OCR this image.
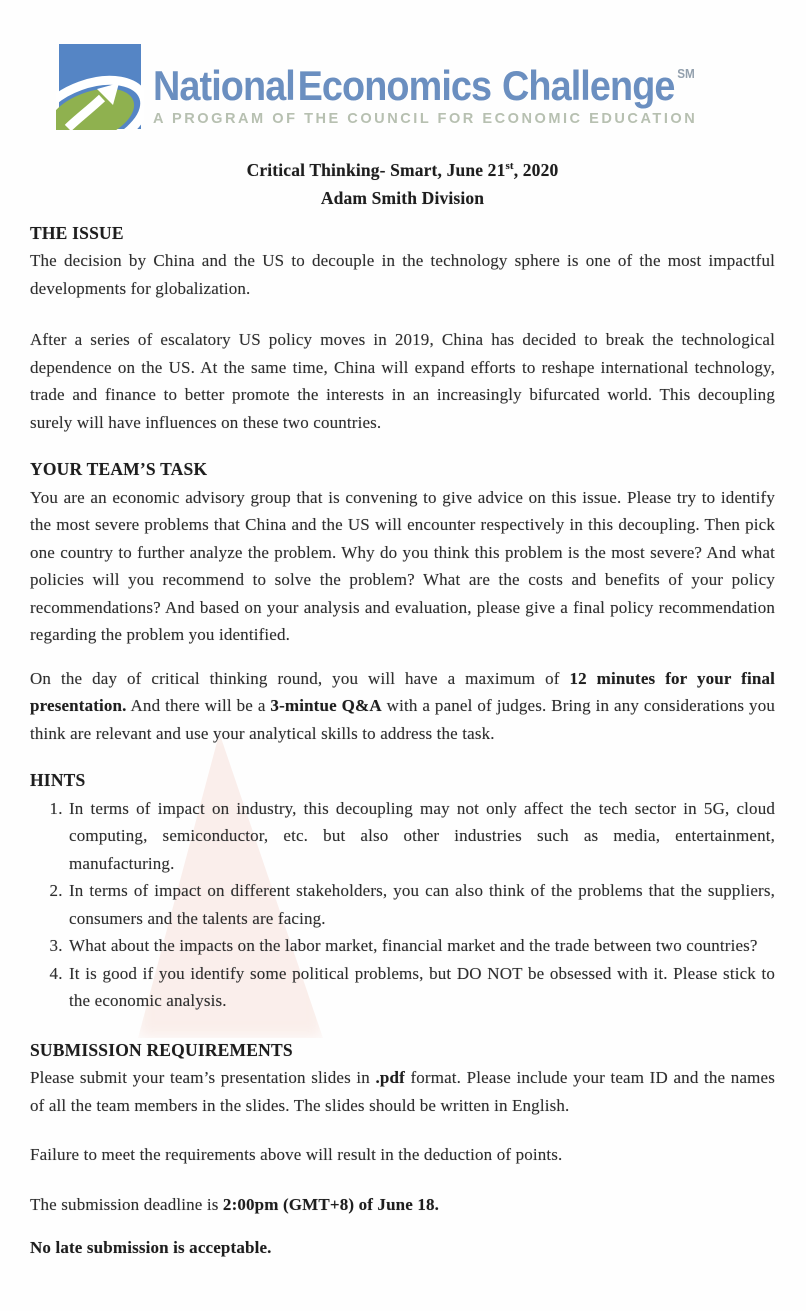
NationalEconomics Challenge ℠
A PROGRAM OF THE COUNCIL FOR ECONOMIC EDUCATION
Critical Thinking- Smart, June 21st, 2020
Adam Smith Division
THE ISSUE

The decision by China and the US to decouple in the technology sphere is one of the most impactful developments for globalization.

After a series of escalatory US policy moves in 2019, China has decided to break the technological dependence on the US. At the same time, China will expand efforts to reshape international technology, trade and finance to better promote the interests in an increasingly bifurcated world. This decoupling surely will have influences on these two countries.

YOUR TEAM’S TASK

You are an economic advisory group that is convening to give advice on this issue. Please try to identify the most severe problems that China and the US will encounter respectively in this decoupling. Then pick one country to further analyze the problem. Why do you think this problem is the most severe? And what policies will you recommend to solve the problem? What are the costs and benefits of your policy recommendations? And based on your analysis and evaluation, please give a final policy recommendation regarding the problem you identified.

On the day of critical thinking round, you will have a maximum of 12 minutes for your final presentation. And there will be a 3-mintue Q&A with a panel of judges. Bring in any considerations you think are relevant and use your analytical skills to address the task.

HINTS
1. In terms of impact on industry, this decoupling may not only affect the tech sector in 5G, cloud computing, semiconductor, etc. but also other industries such as media, entertainment, manufacturing.
2. In terms of impact on different stakeholders, you can also think of the problems that the suppliers, consumers and the talents are facing.
3. What about the impacts on the labor market, financial market and the trade between two countries?
4. It is good if you identify some political problems, but DO NOT be obsessed with it. Please stick to the economic analysis.
SUBMISSION REQUIREMENTS

Please submit your team’s presentation slides in .pdf format. Please include your team ID and the names of all the team members in the slides. The slides should be written in English.

Failure to meet the requirements above will result in the deduction of points.

The submission deadline is 2:00pm (GMT+8) of June 18.

No late submission is acceptable.
